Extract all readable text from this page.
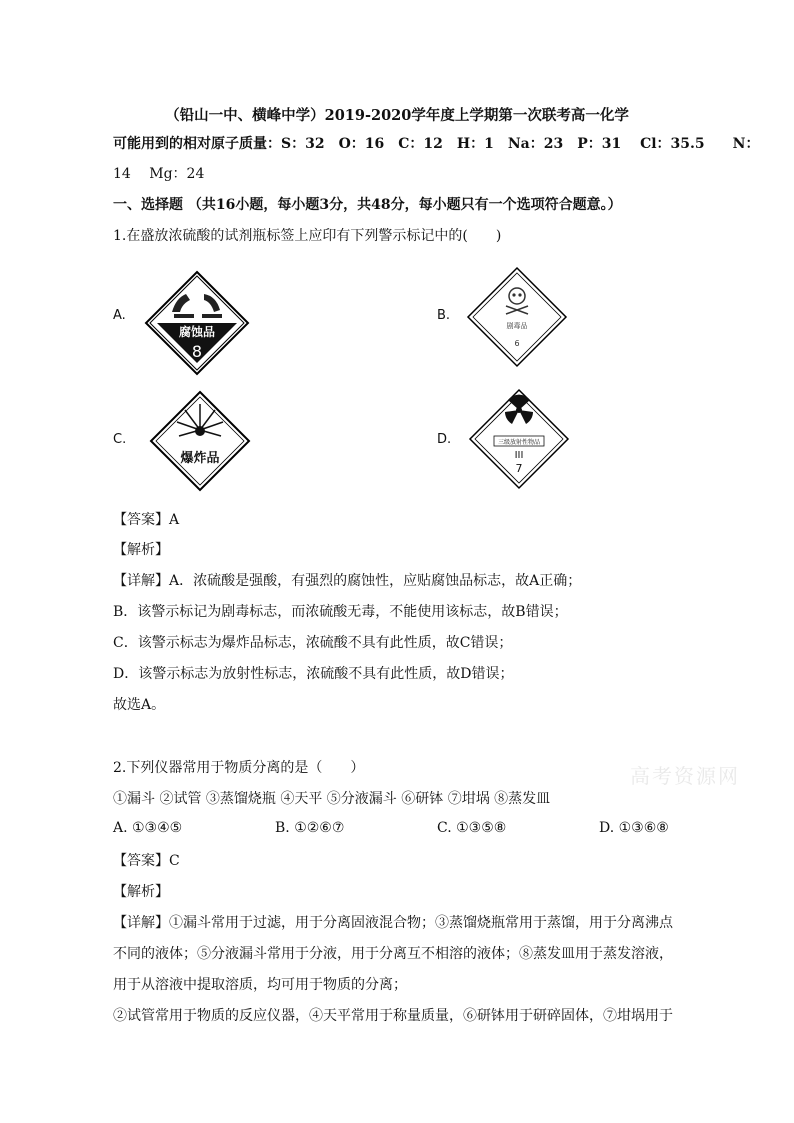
（铅山一中、横峰中学）2019-2020学年度上学期第一次联考高一化学
可能用到的相对原子质量：S：32　O：16　C：12　H：1　Na：23　P：31　 Cl：35.5　　N：
14　 Mg：24
一、选择题 （共16小题，每小题3分，共48分，每小题只有一个选项符合题意。）
1.在盛放浓硫酸的试剂瓶标签上应印有下列警示标记中的(　　)
A.
腐蚀品
8
B.
剧毒品
6
C.
爆炸品
D.	三级放射性物品
III
7
【答案】A
【解析】
【详解】A．浓硫酸是强酸，有强烈的腐蚀性，应贴腐蚀品标志，故A正确；
B．该警示标记为剧毒标志，而浓硫酸无毒，不能使用该标志，故B错误；
C．该警示标志为爆炸品标志，浓硫酸不具有此性质，故C错误；
D．该警示标志为放射性标志，浓硫酸不具有此性质，故D错误；
故选A。
2.下列仪器常用于物质分离的是（　　）	高考资源网
①漏斗 ②试管 ③蒸馏烧瓶 ④天平 ⑤分液漏斗 ⑥研钵 ⑦坩埚 ⑧蒸发皿
A. ①③④⑤	B. ①②⑥⑦	C. ①③⑤⑧	D. ①③⑥⑧
【答案】C
【解析】
【详解】①漏斗常用于过滤，用于分离固液混合物；③蒸馏烧瓶常用于蒸馏，用于分离沸点
不同的液体；⑤分液漏斗常用于分液，用于分离互不相溶的液体；⑧蒸发皿用于蒸发溶液，
用于从溶液中提取溶质，均可用于物质的分离；
②试管常用于物质的反应仪器，④天平常用于称量质量，⑥研钵用于研碎固体，⑦坩埚用于
